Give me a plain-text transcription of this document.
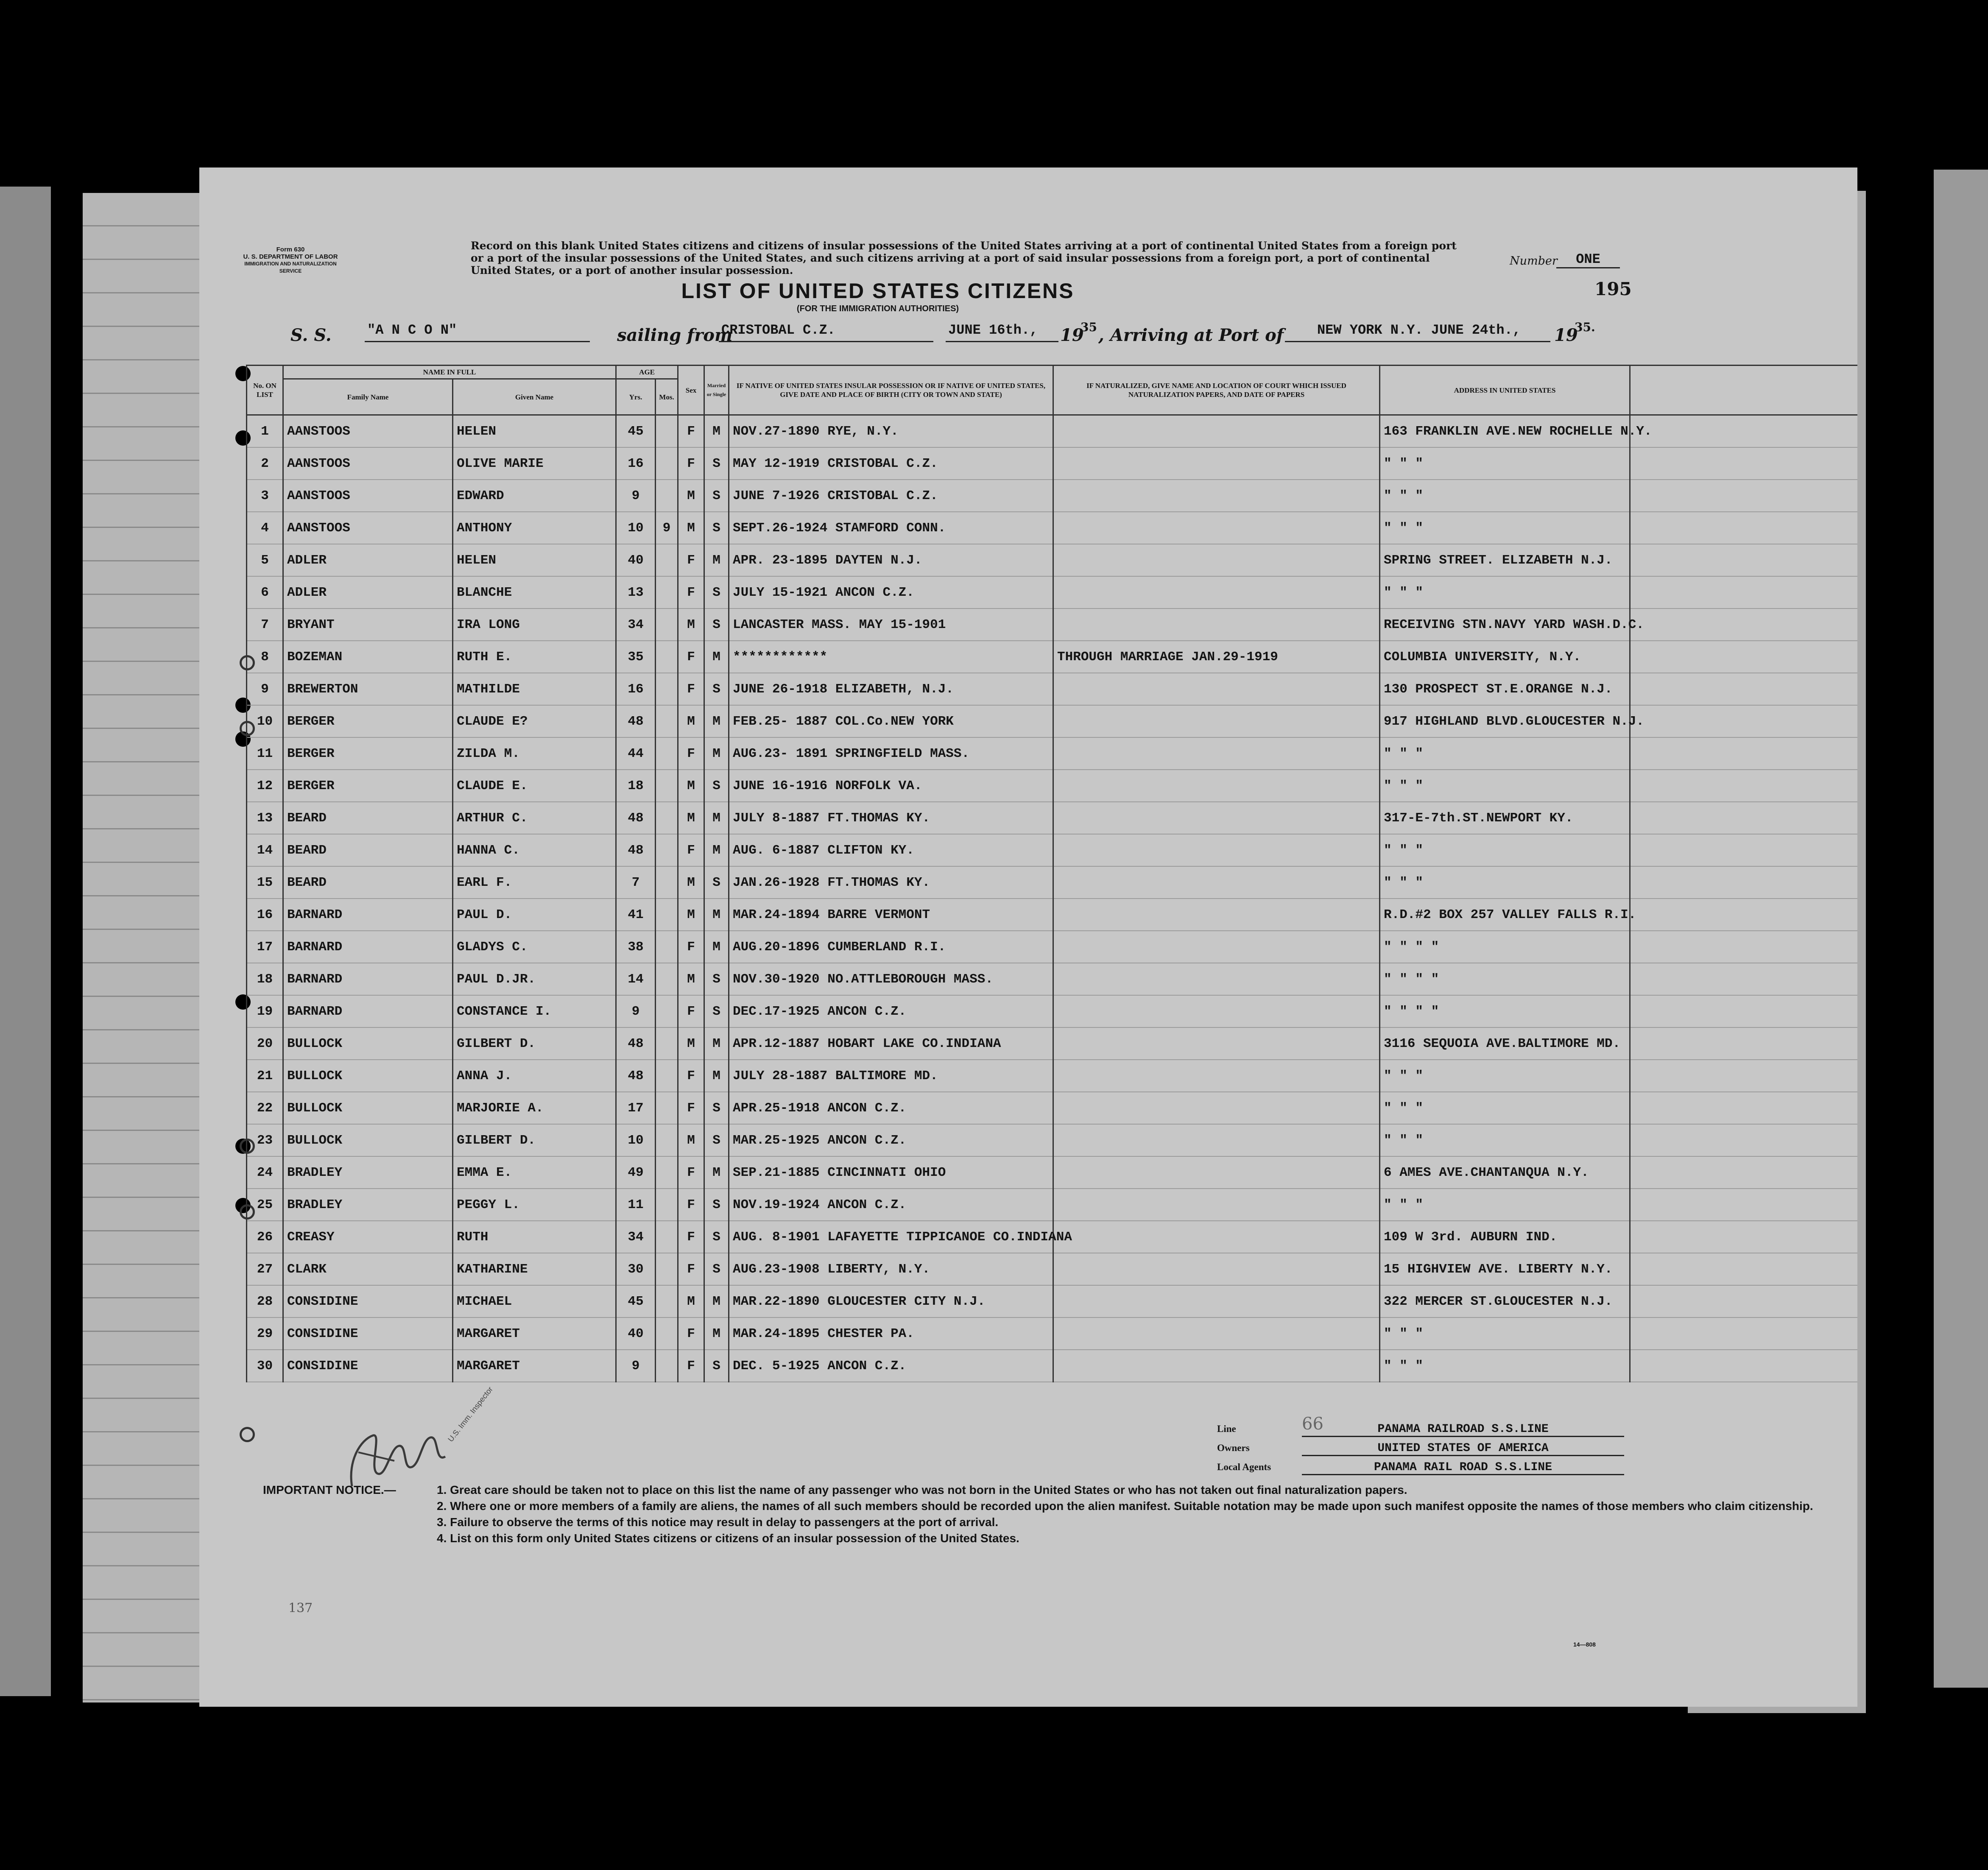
Form 630
U. S. DEPARTMENT OF LABOR
IMMIGRATION AND NATURALIZATION SERVICE
Record on this blank United States citizens and citizens of insular possessions of the United States arriving at a port of continental United States from a foreign port or a port of the insular possessions of the United States, and such citizens arriving at a port of said insular possessions from a foreign port, a port of continental United States, or a port of another insular possession.
Number	ONE
LIST OF UNITED STATES CITIZENS
(FOR THE IMMIGRATION AUTHORITIES)
195
S. S.	"A N C O N"	sailing from
CRISTOBAL C.Z.	JUNE 16th.,	19
35 , Arriving at Port of	NEW YORK N.Y. JUNE 24th.,	19
35.
No. ON LIST	NAME IN FULL		AGE		Sex	Married or Single	IF NATIVE OF UNITED STATES INSULAR POSSESSION OR IF NATIVE OF UNITED STATES, GIVE DATE AND PLACE OF BIRTH (CITY OR TOWN AND STATE)	IF NATURALIZED, GIVE NAME AND LOCATION OF COURT WHICH ISSUED NATURALIZATION PAPERS, AND DATE OF PAPERS	ADDRESS IN UNITED STATES	
	Family Name	Given Name	Yrs.	Mos.						
1	AANSTOOS	HELEN	45		F	M	NOV.27-1890 RYE, N.Y.		163 FRANKLIN AVE.NEW ROCHELLE N.Y.	
2	AANSTOOS	OLIVE MARIE	16		F	S	MAY 12-1919 CRISTOBAL C.Z.		" " "	
3	AANSTOOS	EDWARD	9		M	S	JUNE 7-1926 CRISTOBAL C.Z.		" " "	
4	AANSTOOS	ANTHONY	10	9	M	S	SEPT.26-1924 STAMFORD CONN.		" " "	
5	ADLER	HELEN	40		F	M	APR. 23-1895 DAYTEN N.J.		SPRING STREET. ELIZABETH N.J.	
6	ADLER	BLANCHE	13		F	S	JULY 15-1921 ANCON C.Z.		" " "	
7	BRYANT	IRA LONG	34		M	S	LANCASTER MASS. MAY 15-1901		RECEIVING STN.NAVY YARD WASH.D.C.	
8	BOZEMAN	RUTH E.	35		F	M	************	THROUGH MARRIAGE JAN.29-1919	COLUMBIA UNIVERSITY, N.Y.	
9	BREWERTON	MATHILDE	16		F	S	JUNE 26-1918 ELIZABETH, N.J.		130 PROSPECT ST.E.ORANGE N.J.	
10	BERGER	CLAUDE E?	48		M	M	FEB.25- 1887 COL.Co.NEW YORK		917 HIGHLAND BLVD.GLOUCESTER N.J.	
11	BERGER	ZILDA M.	44		F	M	AUG.23- 1891 SPRINGFIELD MASS.		" " "	
12	BERGER	CLAUDE E.	18		M	S	JUNE 16-1916 NORFOLK VA.		" " "	
13	BEARD	ARTHUR C.	48		M	M	JULY 8-1887 FT.THOMAS KY.		317-E-7th.ST.NEWPORT KY.	
14	BEARD	HANNA C.	48		F	M	AUG. 6-1887 CLIFTON KY.		" " "	
15	BEARD	EARL F.	7		M	S	JAN.26-1928 FT.THOMAS KY.		" " "	
16	BARNARD	PAUL D.	41		M	M	MAR.24-1894 BARRE VERMONT		R.D.#2 BOX 257 VALLEY FALLS R.I.	
17	BARNARD	GLADYS C.	38		F	M	AUG.20-1896 CUMBERLAND R.I.		" " " "	
18	BARNARD	PAUL D.JR.	14		M	S	NOV.30-1920 NO.ATTLEBOROUGH MASS.		" " " "	
19	BARNARD	CONSTANCE I.	9		F	S	DEC.17-1925 ANCON C.Z.		" " " "	
20	BULLOCK	GILBERT D.	48		M	M	APR.12-1887 HOBART LAKE CO.INDIANA		3116 SEQUOIA AVE.BALTIMORE MD.	
21	BULLOCK	ANNA J.	48		F	M	JULY 28-1887 BALTIMORE MD.		" " "	
22	BULLOCK	MARJORIE A.	17		F	S	APR.25-1918 ANCON C.Z.		" " "	
23	BULLOCK	GILBERT D.	10		M	S	MAR.25-1925 ANCON C.Z.		" " "	
24	BRADLEY	EMMA E.	49		F	M	SEP.21-1885 CINCINNATI OHIO		6 AMES AVE.CHANTANQUA N.Y.	
25	BRADLEY	PEGGY L.	11		F	S	NOV.19-1924 ANCON C.Z.		" " "	
26	CREASY	RUTH	34		F	S	AUG. 8-1901 LAFAYETTE TIPPICANOE CO.INDIANA		109 W 3rd. AUBURN IND.	
27	CLARK	KATHARINE	30		F	S	AUG.23-1908 LIBERTY, N.Y.		15 HIGHVIEW AVE. LIBERTY N.Y.	
28	CONSIDINE	MICHAEL	45		M	M	MAR.22-1890 GLOUCESTER CITY N.J.		322 MERCER ST.GLOUCESTER N.J.	
29	CONSIDINE	MARGARET	40		F	M	MAR.24-1895 CHESTER PA.		" " "	
30	CONSIDINE	MARGARET	9		F	S	DEC. 5-1925 ANCON C.Z.		" " "	
U.S. Imm. Inspector	66
137
Line	PANAMA RAILROAD S.S.LINE
Owners	UNITED STATES OF AMERICA
Local Agents	PANAMA RAIL ROAD S.S.LINE
IMPORTANT NOTICE.—	1. Great care should be taken not to place on this list the name of any passenger who was not born in the United States or who has not taken out final naturalization papers.
2. Where one or more members of a family are aliens, the names of all such members should be recorded upon the alien manifest. Suitable notation may be made upon such manifest opposite the names of those members who claim citizenship.
3. Failure to observe the terms of this notice may result in delay to passengers at the port of arrival.
4. List on this form only United States citizens or citizens of an insular possession of the United States.
14—808
